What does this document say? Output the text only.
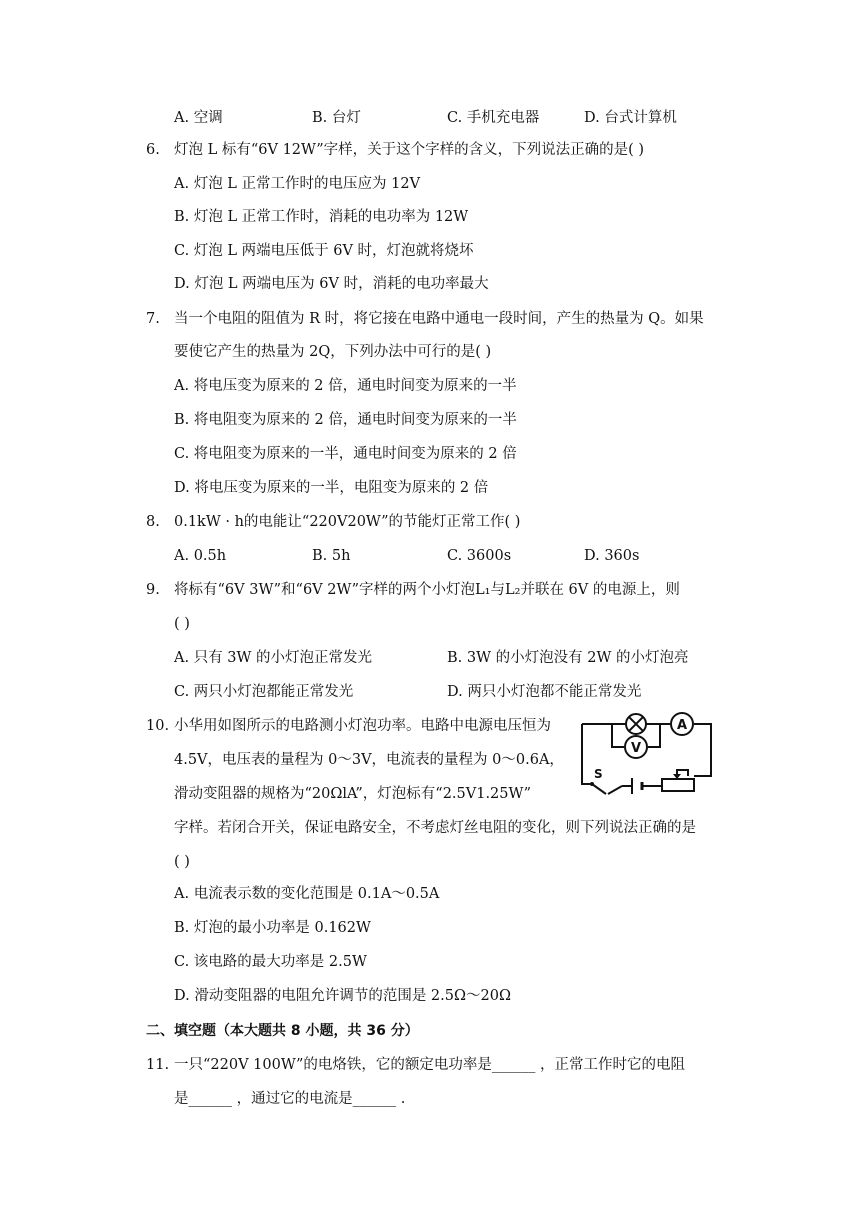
A. 空调	B. 台灯	C. 手机充电器	D. 台式计算机
6. 灯泡 L 标有“6V 12W”字样，关于这个字样的含义，下列说法正确的是( )
A. 灯泡 L 正常工作时的电压应为 12V
B. 灯泡 L 正常工作时，消耗的电功率为 12W
C. 灯泡 L 两端电压低于 6V 时，灯泡就将烧坏
D. 灯泡 L 两端电压为 6V 时，消耗的电功率最大
7. 当一个电阻的阻值为 R 时，将它接在电路中通电一段时间，产生的热量为 Q。如果
要使它产生的热量为 2Q，下列办法中可行的是( )
A. 将电压变为原来的 2 倍，通电时间变为原来的一半
B. 将电阻变为原来的 2 倍，通电时间变为原来的一半
C. 将电阻变为原来的一半，通电时间变为原来的 2 倍
D. 将电压变为原来的一半，电阻变为原来的 2 倍
8. 0.1kW · h的电能让“220V20W”的节能灯正常工作( )
A. 0.5h	B. 5h	C. 3600s	D. 360s
9. 将标有“6V 3W”和“6V 2W”字样的两个小灯泡L₁与L₂并联在 6V 的电源上，则
( )
A. 只有 3W 的小灯泡正常发光	B. 3W 的小灯泡没有 2W 的小灯泡亮
C. 两只小灯泡都能正常发光	D. 两只小灯泡都不能正常发光
10. 小华用如图所示的电路测小灯泡功率。电路中电源电压恒为
4.5V，电压表的量程为 0～3V，电流表的量程为 0～0.6A，
滑动变阻器的规格为“20ΩlA”，灯泡标有“2.5V1.25W”
字样。若闭合开关，保证电路安全，不考虑灯丝电阻的变化，则下列说法正确的是
( )
A. 电流表示数的变化范围是 0.1A～0.5A
B. 灯泡的最小功率是 0.162W
C. 该电路的最大功率是 2.5W
D. 滑动变阻器的电阻允许调节的范围是 2.5Ω～20Ω
A
V
S
二、填空题（本大题共 8 小题，共 36 分）
11. 一只“220V 100W”的电烙铁，它的额定电功率是______ ，正常工作时它的电阻
是______ ，通过它的电流是______ .
